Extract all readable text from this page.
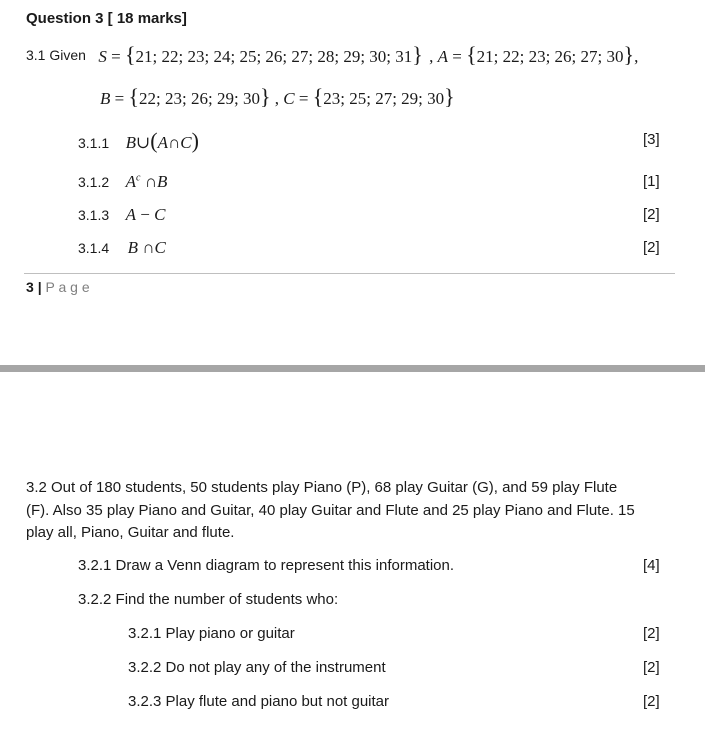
Question 3 [ 18 marks]
3.1 Given S = {21; 22; 23; 24; 25; 26; 27; 28; 29; 30; 31} , A = {21; 22; 23; 26; 27; 30},
B = {22; 23; 26; 29; 30} , C = {23; 25; 27; 29; 30}
3.1.1 B∪(A∩C)	[3]
3.1.2 $A^c$ ∩B	[1]
3.1.3 A − C	[2]
3.1.4 B ∩C	[2]
3 | P a g e
3.2 Out of 180 students, 50 students play Piano (P), 68 play Guitar (G), and 59 play Flute
(F). Also 35 play Piano and Guitar, 40 play Guitar and Flute and 25 play Piano and Flute. 15
play all, Piano, Guitar and flute.
3.2.1 Draw a Venn diagram to represent this information.	[4]
3.2.2 Find the number of students who:
3.2.1 Play piano or guitar	[2]
3.2.2 Do not play any of the instrument	[2]
3.2.3 Play flute and piano but not guitar	[2]
